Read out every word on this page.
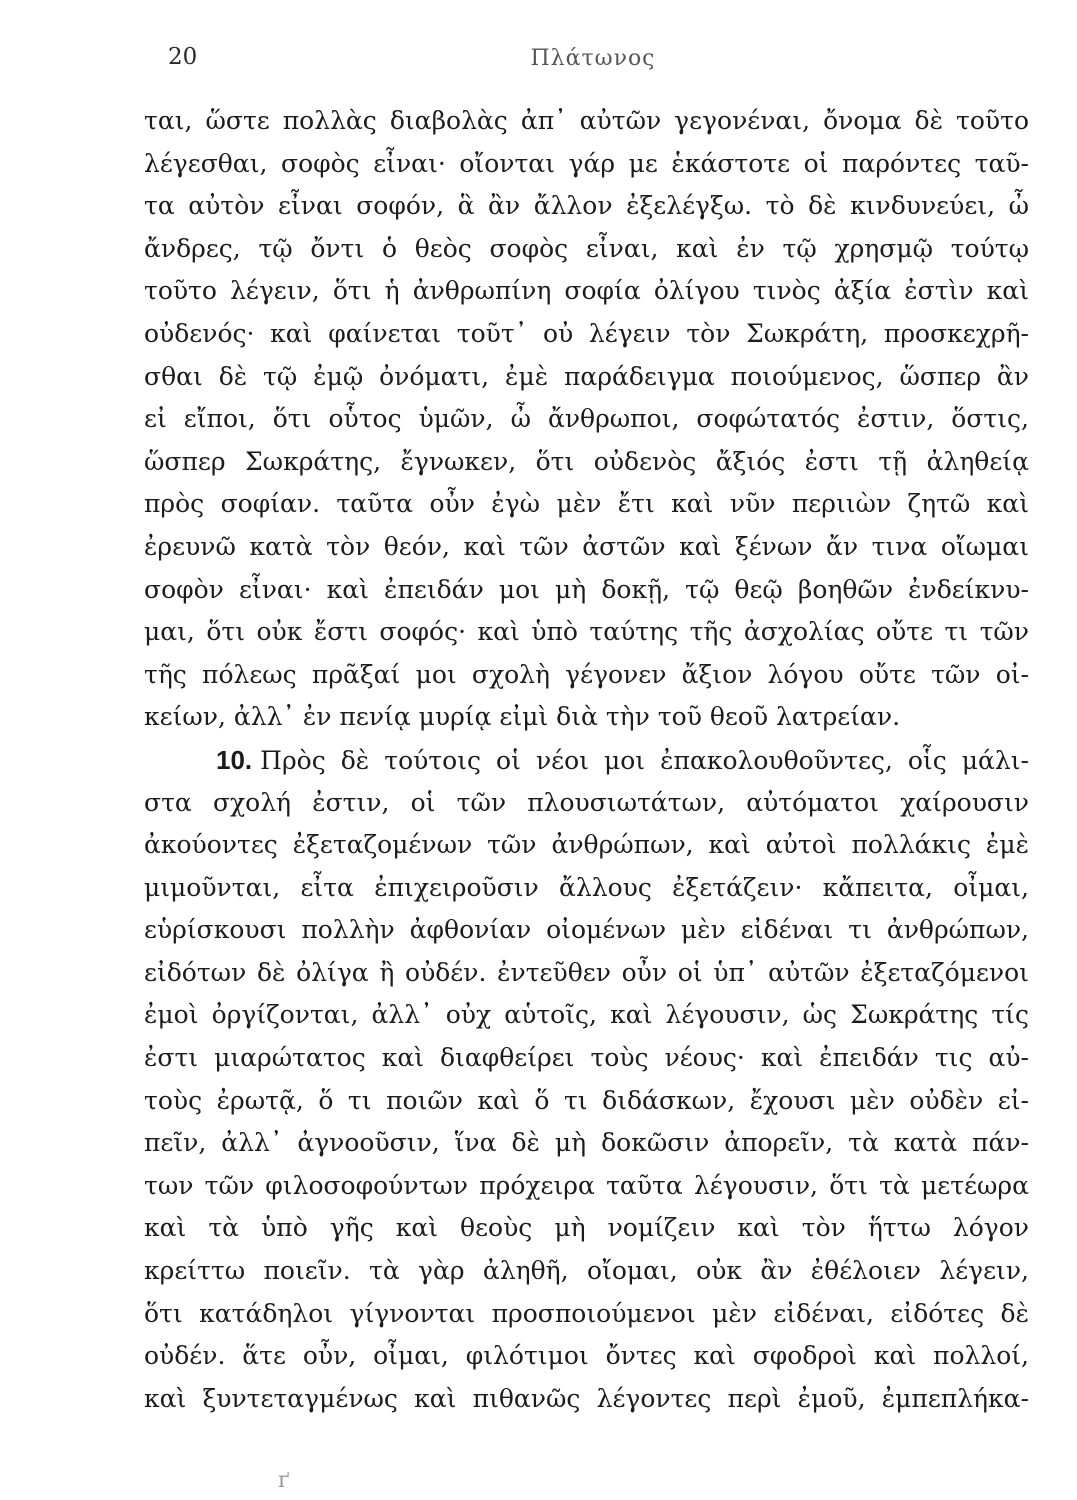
20	Πλάτωνος
ται, ὥστε πολλὰς διαβολὰς ἀπ᾽ αὐτῶν γεγονέναι, ὄνομα δὲ τοῦτο
λέγεσθαι, σοφὸς εἶναι· οἴονται γάρ με ἑκάστοτε οἱ παρόντες ταῦ-
τα αὐτὸν εἶναι σοφόν, ἃ ἂν ἄλλον ἐξελέγξω. τὸ δὲ κινδυνεύει, ὦ
ἄνδρες, τῷ ὄντι ὁ θεὸς σοφὸς εἶναι, καὶ ἐν τῷ χρησμῷ τούτῳ
τοῦτο λέγειν, ὅτι ἡ ἀνθρωπίνη σοφία ὀλίγου τινὸς ἀξία ἐστὶν καὶ
οὐδενός· καὶ φαίνεται τοῦτ᾽ οὐ λέγειν τὸν Σωκράτη, προσκεχρῆ-
σθαι δὲ τῷ ἐμῷ ὀνόματι, ἐμὲ παράδειγμα ποιούμενος, ὥσπερ ἂν
εἰ εἴποι, ὅτι οὗτος ὑμῶν, ὦ ἄνθρωποι, σοφώτατός ἐστιν, ὅστις,
ὥσπερ Σωκράτης, ἔγνωκεν, ὅτι οὐδενὸς ἄξιός ἐστι τῇ ἀληθείᾳ
πρὸς σοφίαν. ταῦτα οὖν ἐγὼ μὲν ἔτι καὶ νῦν περιιὼν ζητῶ καὶ
ἐρευνῶ κατὰ τὸν θεόν, καὶ τῶν ἀστῶν καὶ ξένων ἄν τινα οἴωμαι
σοφὸν εἶναι· καὶ ἐπειδάν μοι μὴ δοκῇ, τῷ θεῷ βοηθῶν ἐνδείκνυ-
μαι, ὅτι οὐκ ἔστι σοφός· καὶ ὑπὸ ταύτης τῆς ἀσχολίας οὔτε τι τῶν
τῆς πόλεως πρᾶξαί μοι σχολὴ γέγονεν ἄξιον λόγου οὔτε τῶν οἰ-
κείων, ἀλλ᾽ ἐν πενίᾳ μυρίᾳ εἰμὶ διὰ τὴν τοῦ θεοῦ λατρείαν.
10. Πρὸς δὲ τούτοις οἱ νέοι μοι ἐπακολουθοῦντες, οἷς μάλι-
στα σχολή ἐστιν, οἱ τῶν πλουσιωτάτων, αὐτόματοι χαίρουσιν
ἀκούοντες ἐξεταζομένων τῶν ἀνθρώπων, καὶ αὐτοὶ πολλάκις ἐμὲ
μιμοῦνται, εἶτα ἐπιχειροῦσιν ἄλλους ἐξετάζειν· κἄπειτα, οἶμαι,
εὑρίσκουσι πολλὴν ἀφθονίαν οἰομένων μὲν εἰδέναι τι ἀνθρώπων,
εἰδότων δὲ ὀλίγα ἢ οὐδέν. ἐντεῦθεν οὖν οἱ ὑπ᾽ αὐτῶν ἐξεταζόμενοι
ἐμοὶ ὀργίζονται, ἀλλ᾽ οὐχ αὑτοῖς, καὶ λέγουσιν, ὡς Σωκράτης τίς
ἐστι μιαρώτατος καὶ διαφθείρει τοὺς νέους· καὶ ἐπειδάν τις αὐ-
τοὺς ἐρωτᾷ, ὅ τι ποιῶν καὶ ὅ τι διδάσκων, ἔχουσι μὲν οὐδὲν εἰ-
πεῖν, ἀλλ᾽ ἀγνοοῦσιν, ἵνα δὲ μὴ δοκῶσιν ἀπορεῖν, τὰ κατὰ πάν-
των τῶν φιλοσοφούντων πρόχειρα ταῦτα λέγουσιν, ὅτι τὰ μετέωρα
καὶ τὰ ὑπὸ γῆς καὶ θεοὺς μὴ νομίζειν καὶ τὸν ἥττω λόγον
κρείττω ποιεῖν. τὰ γὰρ ἀληθῆ, οἴομαι, οὐκ ἂν ἐθέλοιεν λέγειν,
ὅτι κατάδηλοι γίγνονται προσποιούμενοι μὲν εἰδέναι, εἰδότες δὲ
οὐδέν. ἅτε οὖν, οἶμαι, φιλότιμοι ὄντες καὶ σφοδροὶ καὶ πολλοί,
καὶ ξυντεταγμένως καὶ πιθανῶς λέγοντες περὶ ἐμοῦ, ἐμπεπλήκα-
ґ
